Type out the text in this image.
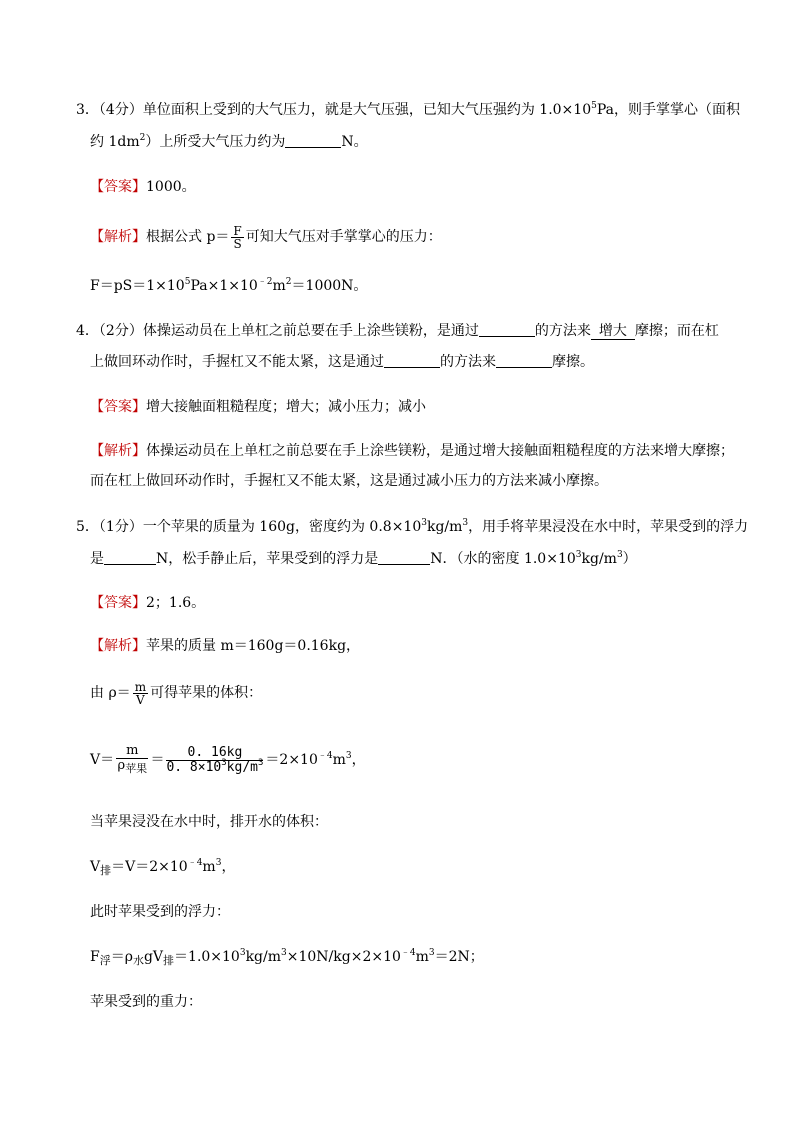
3．（4分）单位面积上受到的大气压力，就是大气压强，已知大气压强约为 $1.0\times 10^5Pa$，则手掌掌心（面积
约 $1dm^2$）上所受大气压力约为	N。
【答案】1000。
【解析】根据公式 $p= \frac{F}{S}$ 可知大气压对手掌掌心的压力：
$F=pS=1\times 10^5Pa\times 1\times 10^{﹣2}m^2=1000N$。
4．（2分）体操运动员在上单杠之前总要在手上涂些镁粉，是通过	的方法来 增大 摩擦；而在杠
上做回环动作时，手握杠又不能太紧，这是通过	的方法来	摩擦。
【答案】增大接触面粗糙程度；增大；减小压力；减小
【解析】体操运动员在上单杠之前总要在手上涂些镁粉，是通过增大接触面粗糙程度的方法来增大摩擦；
而在杠上做回环动作时，手握杠又不能太紧，这是通过减小压力的方法来减小摩擦。
5．（1分）一个苹果的质量为 160g，密度约为 $0.8\times 10^3kg/m^3$，用手将苹果浸没在水中时，苹果受到的浮力
是	N，松手静止后，苹果受到的浮力是	N．（水的密度 $1.0\times 10^3kg/m^3$）
【答案】2；1.6。
【解析】苹果的质量 m＝160g＝0.16kg，
由 $\rho= \frac{m}{V}$ 可得苹果的体积：
$V= \frac{m}{\rho_{苹果}} = \frac{0. 16kg}{0. 8\times 10^3kg/m^3} =2\times 10^{﹣4}m^3$，
当苹果浸没在水中时，排开水的体积：
$V_排=V=2\times 10^{﹣4}m^3$，
此时苹果受到的浮力：
$F_浮=\rho_水gV_排=1.0\times 10^3kg/m^3\times 10N/kg\times 2\times 10^{﹣4}m^3=2N$；
苹果受到的重力：
